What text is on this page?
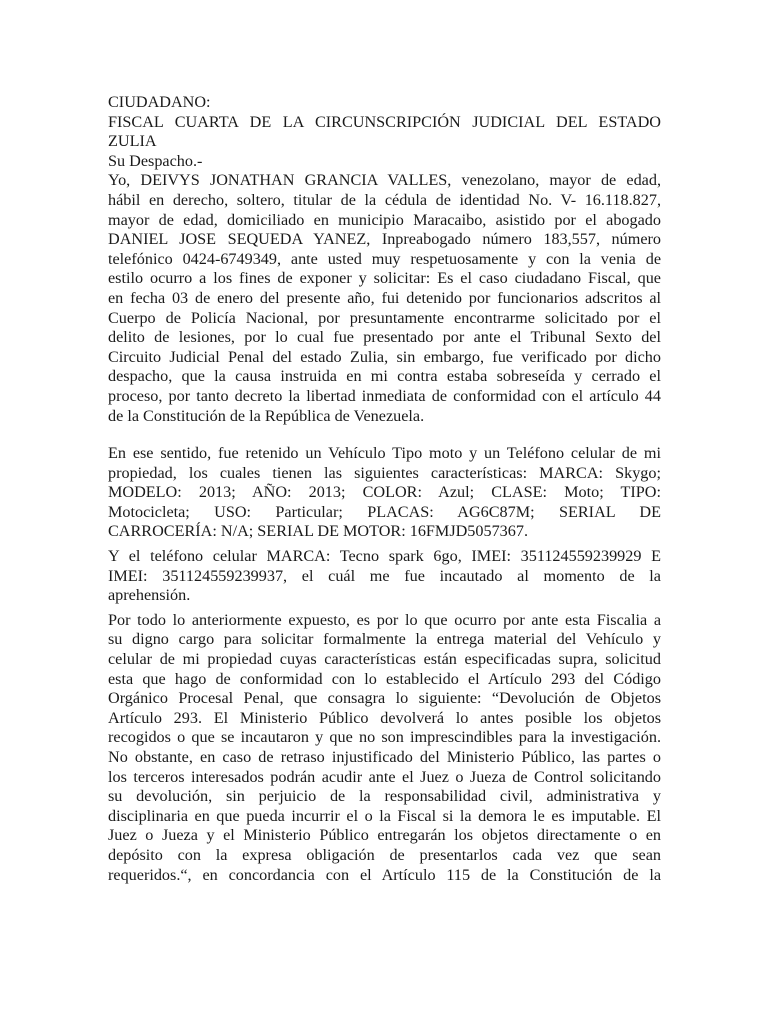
CIUDADANO:
FISCAL CUARTA DE LA CIRCUNSCRIPCIÓN JUDICIAL DEL ESTADO
ZULIA
Su Despacho.-
Yo, DEIVYS JONATHAN GRANCIA VALLES, venezolano, mayor de edad,
hábil en derecho, soltero, titular de la cédula de identidad No. V- 16.118.827,
mayor de edad, domiciliado en municipio Maracaibo, asistido por el abogado
DANIEL JOSE SEQUEDA YANEZ, Inpreabogado número 183,557, número
telefónico 0424-6749349, ante usted muy respetuosamente y con la venia de
estilo ocurro a los fines de exponer y solicitar: Es el caso ciudadano Fiscal, que
en fecha 03 de enero del presente año, fui detenido por funcionarios adscritos al
Cuerpo de Policía Nacional, por presuntamente encontrarme solicitado por el
delito de lesiones, por lo cual fue presentado por ante el Tribunal Sexto del
Circuito Judicial Penal del estado Zulia, sin embargo, fue verificado por dicho
despacho, que la causa instruida en mi contra estaba sobreseída y cerrado el
proceso, por tanto decreto la libertad inmediata de conformidad con el artículo 44
de la Constitución de la República de Venezuela.
En ese sentido, fue retenido un Vehículo Tipo moto y un Teléfono celular de mi
propiedad, los cuales tienen las siguientes características: MARCA: Skygo;
MODELO: 2013; AÑO: 2013; COLOR: Azul; CLASE: Moto; TIPO:
Motocicleta; USO: Particular; PLACAS: AG6C87M; SERIAL DE
CARROCERÍA: N/A; SERIAL DE MOTOR: 16FMJD5057367.
Y el teléfono celular MARCA: Tecno spark 6go, IMEI: 351124559239929 E
IMEI: 351124559239937, el cuál me fue incautado al momento de la
aprehensión.
Por todo lo anteriormente expuesto, es por lo que ocurro por ante esta Fiscalia a
su digno cargo para solicitar formalmente la entrega material del Vehículo y
celular de mi propiedad cuyas características están especificadas supra, solicitud
esta que hago de conformidad con lo establecido el Artículo 293 del Código
Orgánico Procesal Penal, que consagra lo siguiente: “Devolución de Objetos
Artículo 293. El Ministerio Público devolverá lo antes posible los objetos
recogidos o que se incautaron y que no son imprescindibles para la investigación.
No obstante, en caso de retraso injustificado del Ministerio Público, las partes o
los terceros interesados podrán acudir ante el Juez o Jueza de Control solicitando
su devolución, sin perjuicio de la responsabilidad civil, administrativa y
disciplinaria en que pueda incurrir el o la Fiscal si la demora le es imputable. El
Juez o Jueza y el Ministerio Público entregarán los objetos directamente o en
depósito con la expresa obligación de presentarlos cada vez que sean
requeridos.“, en concordancia con el Artículo 115 de la Constitución de la
